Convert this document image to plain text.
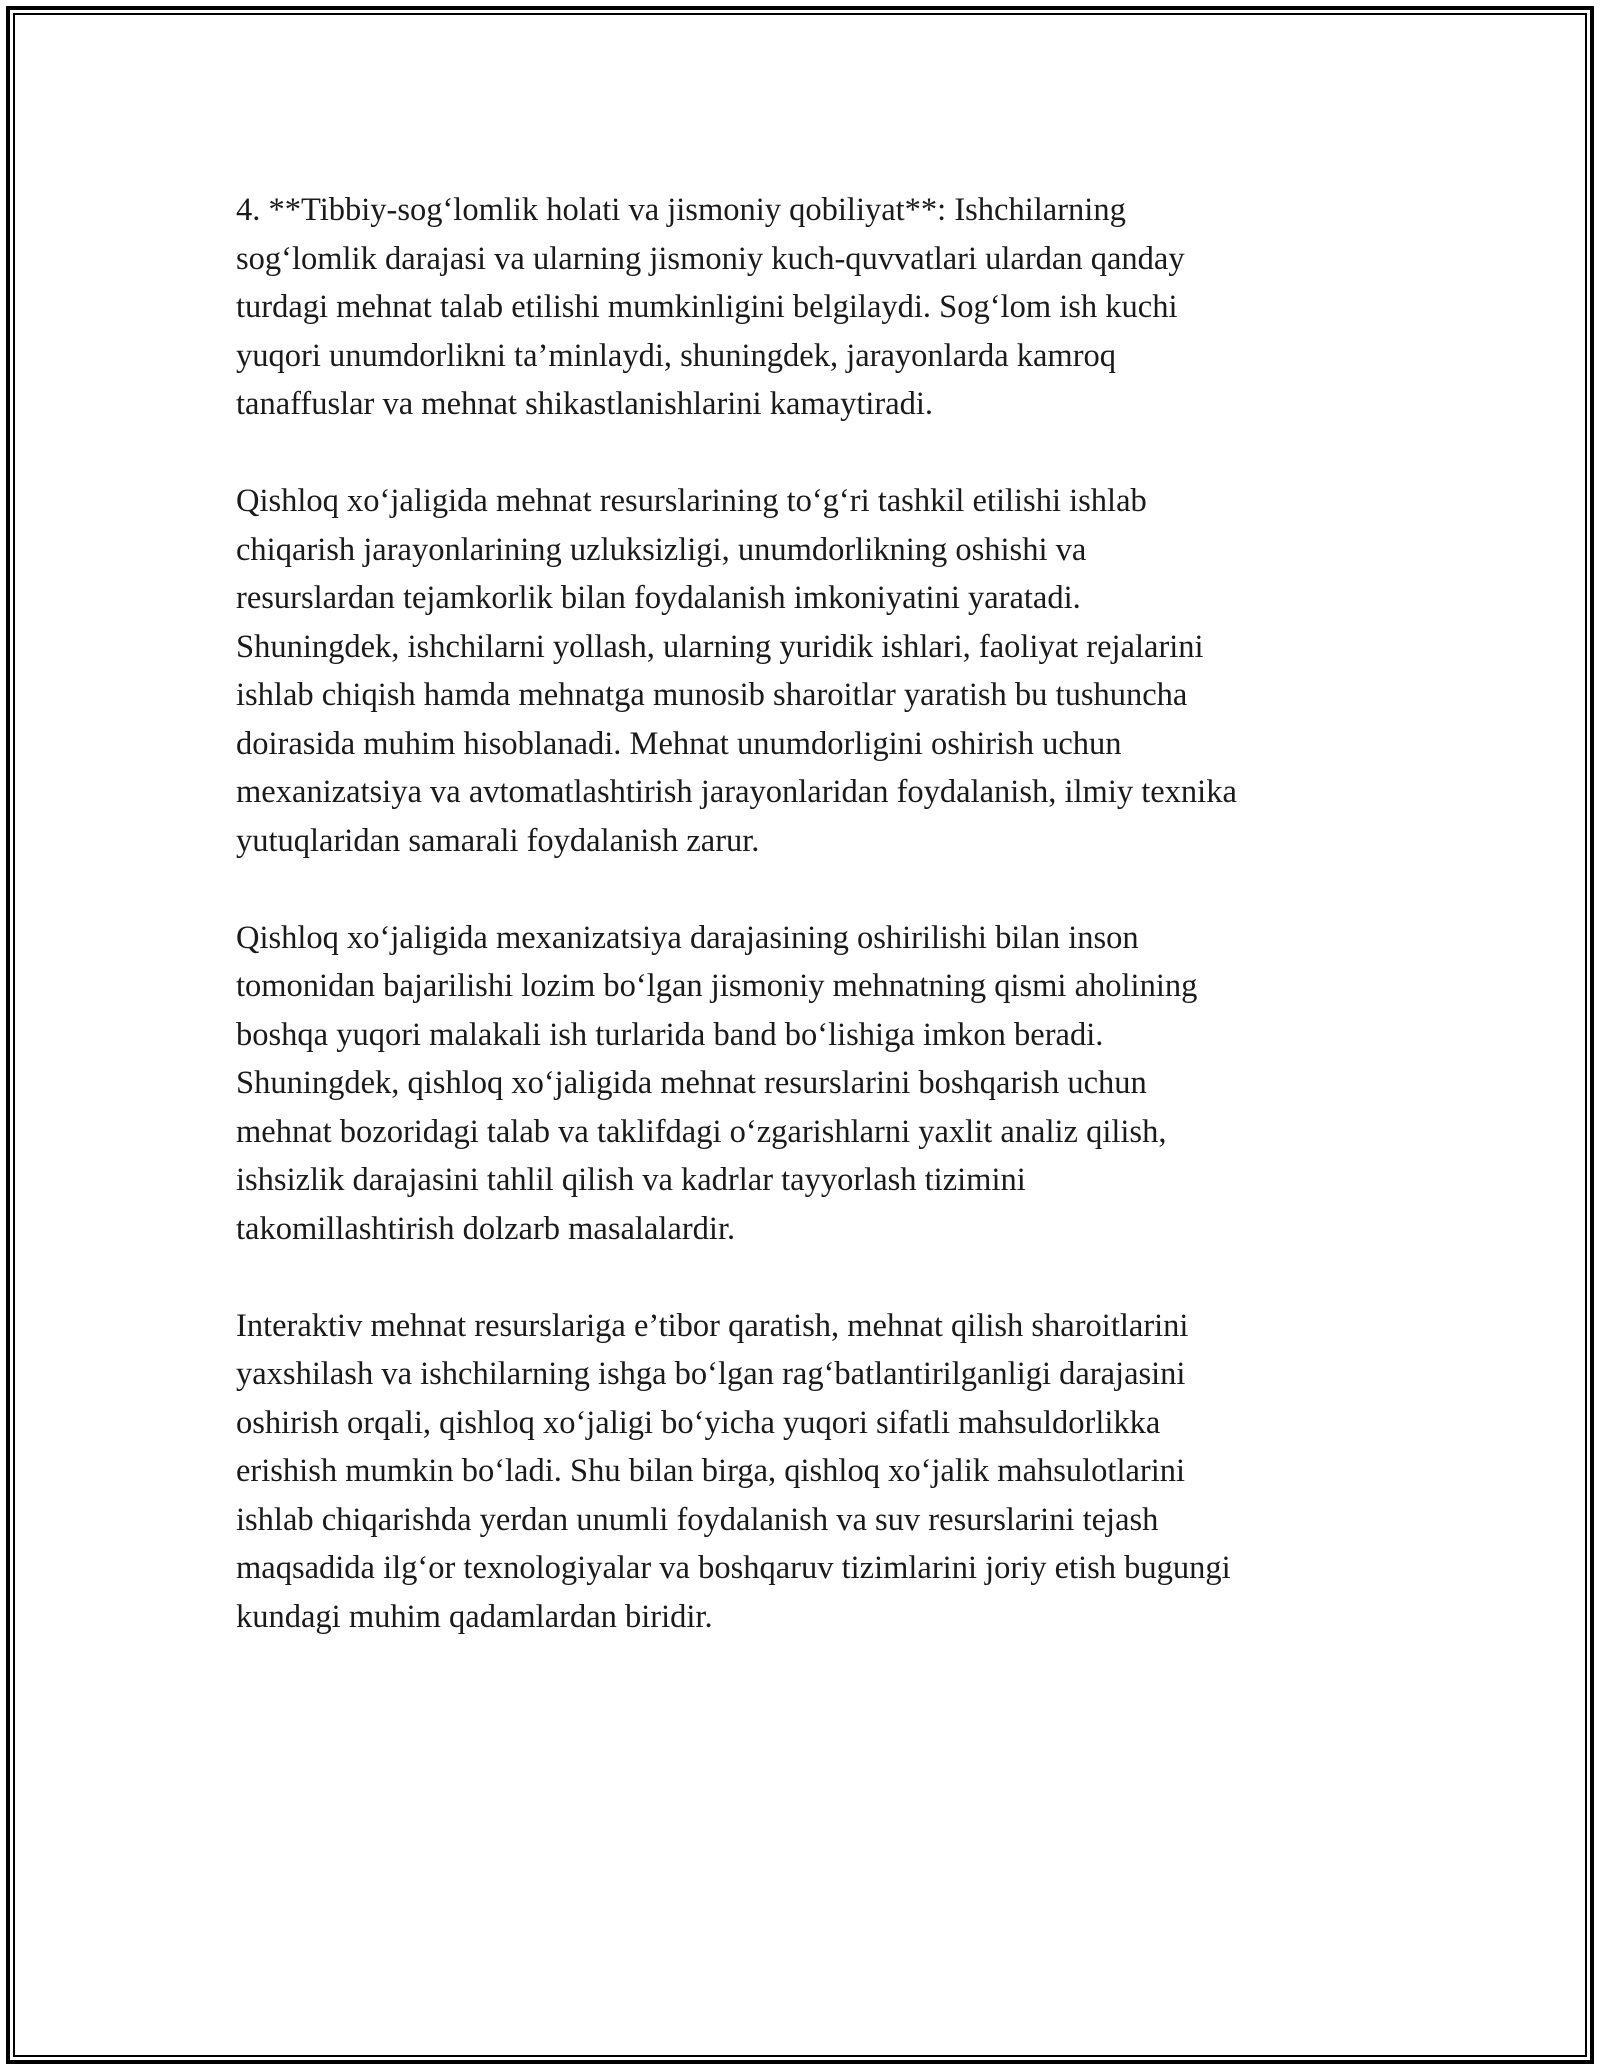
4. **Tibbiy-sog‘lomlik holati va jismoniy qobiliyat**: Ishchilarning
sog‘lomlik darajasi va ularning jismoniy kuch-quvvatlari ulardan qanday
turdagi mehnat talab etilishi mumkinligini belgilaydi. Sog‘lom ish kuchi
yuqori unumdorlikni ta’minlaydi, shuningdek, jarayonlarda kamroq
tanaffuslar va mehnat shikastlanishlarini kamaytiradi.

Qishloq xo‘jaligida mehnat resurslarining to‘g‘ri tashkil etilishi ishlab
chiqarish jarayonlarining uzluksizligi, unumdorlikning oshishi va
resurslardan tejamkorlik bilan foydalanish imkoniyatini yaratadi.
Shuningdek, ishchilarni yollash, ularning yuridik ishlari, faoliyat rejalarini
ishlab chiqish hamda mehnatga munosib sharoitlar yaratish bu tushuncha
doirasida muhim hisoblanadi. Mehnat unumdorligini oshirish uchun
mexanizatsiya va avtomatlashtirish jarayonlaridan foydalanish, ilmiy texnika
yutuqlaridan samarali foydalanish zarur.

Qishloq xo‘jaligida mexanizatsiya darajasining oshirilishi bilan inson
tomonidan bajarilishi lozim bo‘lgan jismoniy mehnatning qismi aholining
boshqa yuqori malakali ish turlarida band bo‘lishiga imkon beradi.
Shuningdek, qishloq xo‘jaligida mehnat resurslarini boshqarish uchun
mehnat bozoridagi talab va taklifdagi o‘zgarishlarni yaxlit analiz qilish,
ishsizlik darajasini tahlil qilish va kadrlar tayyorlash tizimini
takomillashtirish dolzarb masalalardir.

Interaktiv mehnat resurslariga e’tibor qaratish, mehnat qilish sharoitlarini
yaxshilash va ishchilarning ishga bo‘lgan rag‘batlantirilganligi darajasini
oshirish orqali, qishloq xo‘jaligi bo‘yicha yuqori sifatli mahsuldorlikka
erishish mumkin bo‘ladi. Shu bilan birga, qishloq xo‘jalik mahsulotlarini
ishlab chiqarishda yerdan unumli foydalanish va suv resurslarini tejash
maqsadida ilg‘or texnologiyalar va boshqaruv tizimlarini joriy etish bugungi
kundagi muhim qadamlardan biridir.
